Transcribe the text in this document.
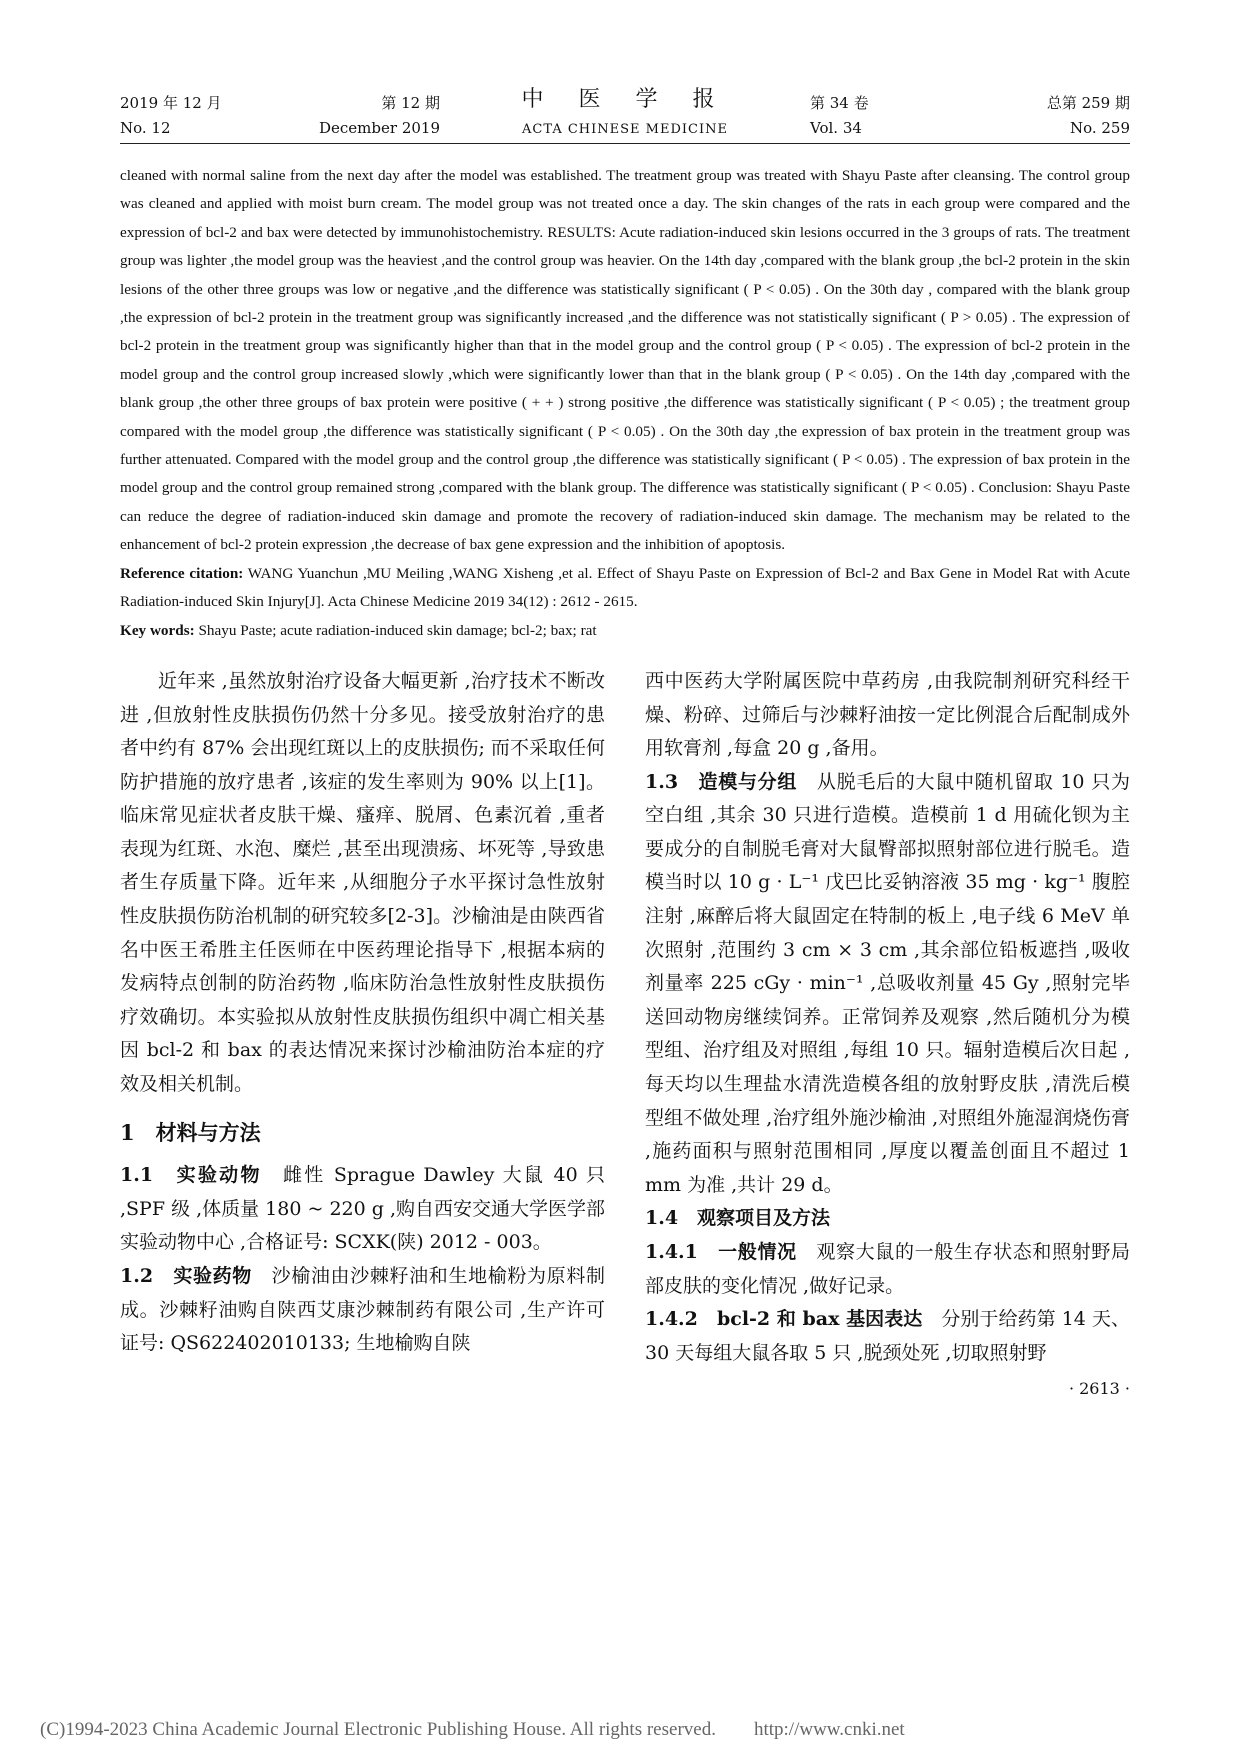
2019 年 12 月	第 12 期	中 医 学 报	第 34 卷	总第 259 期
No. 12	December 2019	ACTA CHINESE MEDICINE	Vol. 34	No. 259

cleaned with normal saline from the next day after the model was established. The treatment group was treated with Shayu Paste after cleansing. The control group was cleaned and applied with moist burn cream. The model group was not treated once a day. The skin changes of the rats in each group were compared and the expression of bcl-2 and bax were detected by immunohistochemistry. RESULTS: Acute radiation-induced skin lesions occurred in the 3 groups of rats. The treatment group was lighter ,the model group was the heaviest ,and the control group was heavier. On the 14th day ,compared with the blank group ,the bcl-2 protein in the skin lesions of the other three groups was low or negative ,and the difference was statistically significant ( P < 0.05) . On the 30th day , compared with the blank group ,the expression of bcl-2 protein in the treatment group was significantly increased ,and the difference was not statistically significant ( P > 0.05) . The expression of bcl-2 protein in the treatment group was significantly higher than that in the model group and the control group ( P < 0.05) . The expression of bcl-2 protein in the model group and the control group increased slowly ,which were significantly lower than that in the blank group ( P < 0.05) . On the 14th day ,compared with the blank group ,the other three groups of bax protein were positive ( + + ) strong positive ,the difference was statistically significant ( P < 0.05) ; the treatment group compared with the model group ,the difference was statistically significant ( P < 0.05) . On the 30th day ,the expression of bax protein in the treatment group was further attenuated. Compared with the model group and the control group ,the difference was statistically significant ( P < 0.05) . The expression of bax protein in the model group and the control group remained strong ,compared with the blank group. The difference was statistically significant ( P < 0.05) . Conclusion: Shayu Paste can reduce the degree of radiation-induced skin damage and promote the recovery of radiation-induced skin damage. The mechanism may be related to the enhancement of bcl-2 protein expression ,the decrease of bax gene expression and the inhibition of apoptosis.

Reference citation: WANG Yuanchun ,MU Meiling ,WANG Xisheng ,et al. Effect of Shayu Paste on Expression of Bcl-2 and Bax Gene in Model Rat with Acute Radiation-induced Skin Injury[J]. Acta Chinese Medicine 2019 34(12) : 2612 - 2615.

Key words: Shayu Paste; acute radiation-induced skin damage; bcl-2; bax; rat

近年来 ,虽然放射治疗设备大幅更新 ,治疗技术不断改进 ,但放射性皮肤损伤仍然十分多见。接受放射治疗的患者中约有 87% 会出现红斑以上的皮肤损伤; 而不采取任何防护措施的放疗患者 ,该症的发生率则为 90% 以上[1]。临床常见症状者皮肤干燥、瘙痒、脱屑、色素沉着 ,重者表现为红斑、水泡、糜烂 ,甚至出现溃疡、坏死等 ,导致患者生存质量下降。近年来 ,从细胞分子水平探讨急性放射性皮肤损伤防治机制的研究较多[2-3]。沙榆油是由陕西省名中医王希胜主任医师在中医药理论指导下 ,根据本病的发病特点创制的防治药物 ,临床防治急性放射性皮肤损伤疗效确切。本实验拟从放射性皮肤损伤组织中凋亡相关基因 bcl-2 和 bax 的表达情况来探讨沙榆油防治本症的疗效及相关机制。

1　材料与方法

1.1　实验动物　雌性 Sprague Dawley 大鼠 40 只 ,SPF 级 ,体质量 180 ~ 220 g ,购自西安交通大学医学部实验动物中心 ,合格证号: SCXK(陕) 2012 - 003。

1.2　实验药物　沙榆油由沙棘籽油和生地榆粉为原料制成。沙棘籽油购自陕西艾康沙棘制药有限公司 ,生产许可证号: QS622402010133; 生地榆购自陕

西中医药大学附属医院中草药房 ,由我院制剂研究科经干燥、粉碎、过筛后与沙棘籽油按一定比例混合后配制成外用软膏剂 ,每盒 20 g ,备用。

1.3　造模与分组　从脱毛后的大鼠中随机留取 10 只为空白组 ,其余 30 只进行造模。造模前 1 d 用硫化钡为主要成分的自制脱毛膏对大鼠臀部拟照射部位进行脱毛。造模当时以 10 g · L⁻¹ 戊巴比妥钠溶液 35 mg · kg⁻¹ 腹腔注射 ,麻醉后将大鼠固定在特制的板上 ,电子线 6 MeV 单次照射 ,范围约 3 cm × 3 cm ,其余部位铅板遮挡 ,吸收剂量率 225 cGy · min⁻¹ ,总吸收剂量 45 Gy ,照射完毕送回动物房继续饲养。正常饲养及观察 ,然后随机分为模型组、治疗组及对照组 ,每组 10 只。辐射造模后次日起 ,每天均以生理盐水清洗造模各组的放射野皮肤 ,清洗后模型组不做处理 ,治疗组外施沙榆油 ,对照组外施湿润烧伤膏 ,施药面积与照射范围相同 ,厚度以覆盖创面且不超过 1 mm 为准 ,共计 29 d。

1.4　观察项目及方法

1.4.1　一般情况　观察大鼠的一般生存状态和照射野局部皮肤的变化情况 ,做好记录。

1.4.2　bcl-2 和 bax 基因表达　分别于给药第 14 天、30 天每组大鼠各取 5 只 ,脱颈处死 ,切取照射野

· 2613 ·
(C)1994-2023 China Academic Journal Electronic Publishing House. All rights reserved.　　http://www.cnki.net
